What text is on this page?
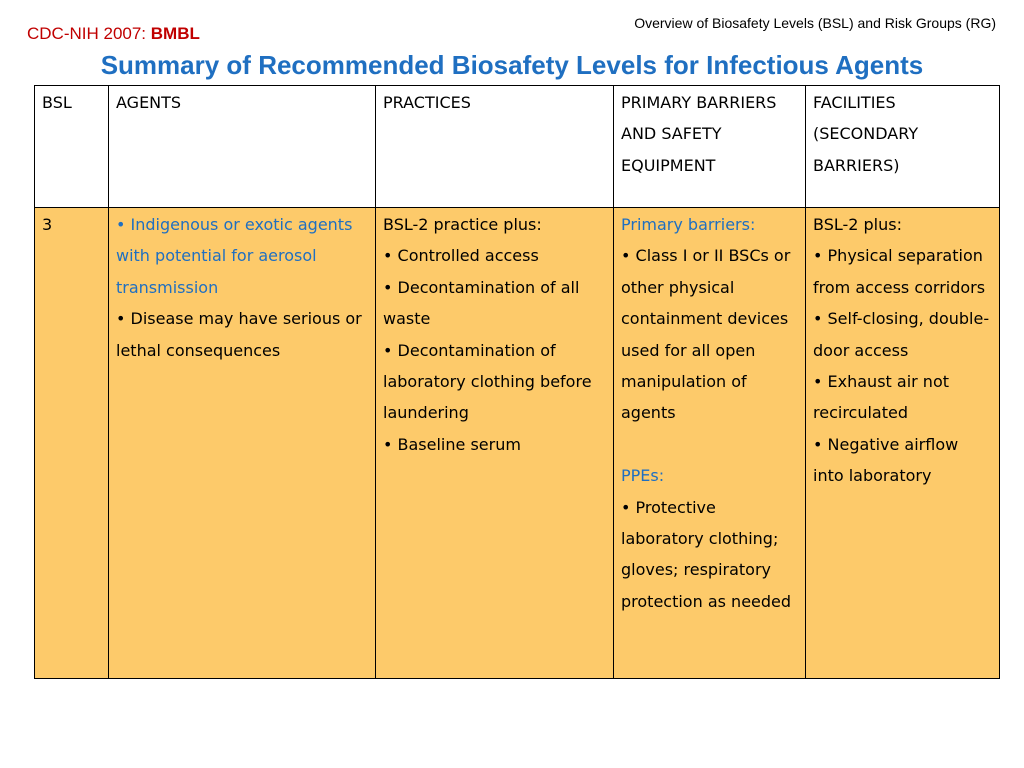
CDC-NIH 2007: BMBL
Overview of Biosafety Levels (BSL) and Risk Groups (RG)
Summary of Recommended Biosafety Levels for Infectious Agents
BSL	AGENTS	PRACTICES	PRIMARY BARRIERS AND SAFETY EQUIPMENT	FACILITIES (SECONDARY BARRIERS)
3	• Indigenous or exotic agents with potential for aerosol transmission
• Disease may have serious or lethal consequences	BSL-2 practice plus:
• Controlled access
• Decontamination of all waste
• Decontamination of laboratory clothing before laundering
• Baseline serum	Primary barriers:
• Class I or II BSCs or other physical containment devices used for all open manipulation of agents
PPEs:
• Protective laboratory clothing; gloves; respiratory protection as needed	BSL-2 plus:
• Physical separation from access corridors
• Self-closing, double-door access
• Exhaust air not recirculated
• Negative airflow into laboratory
